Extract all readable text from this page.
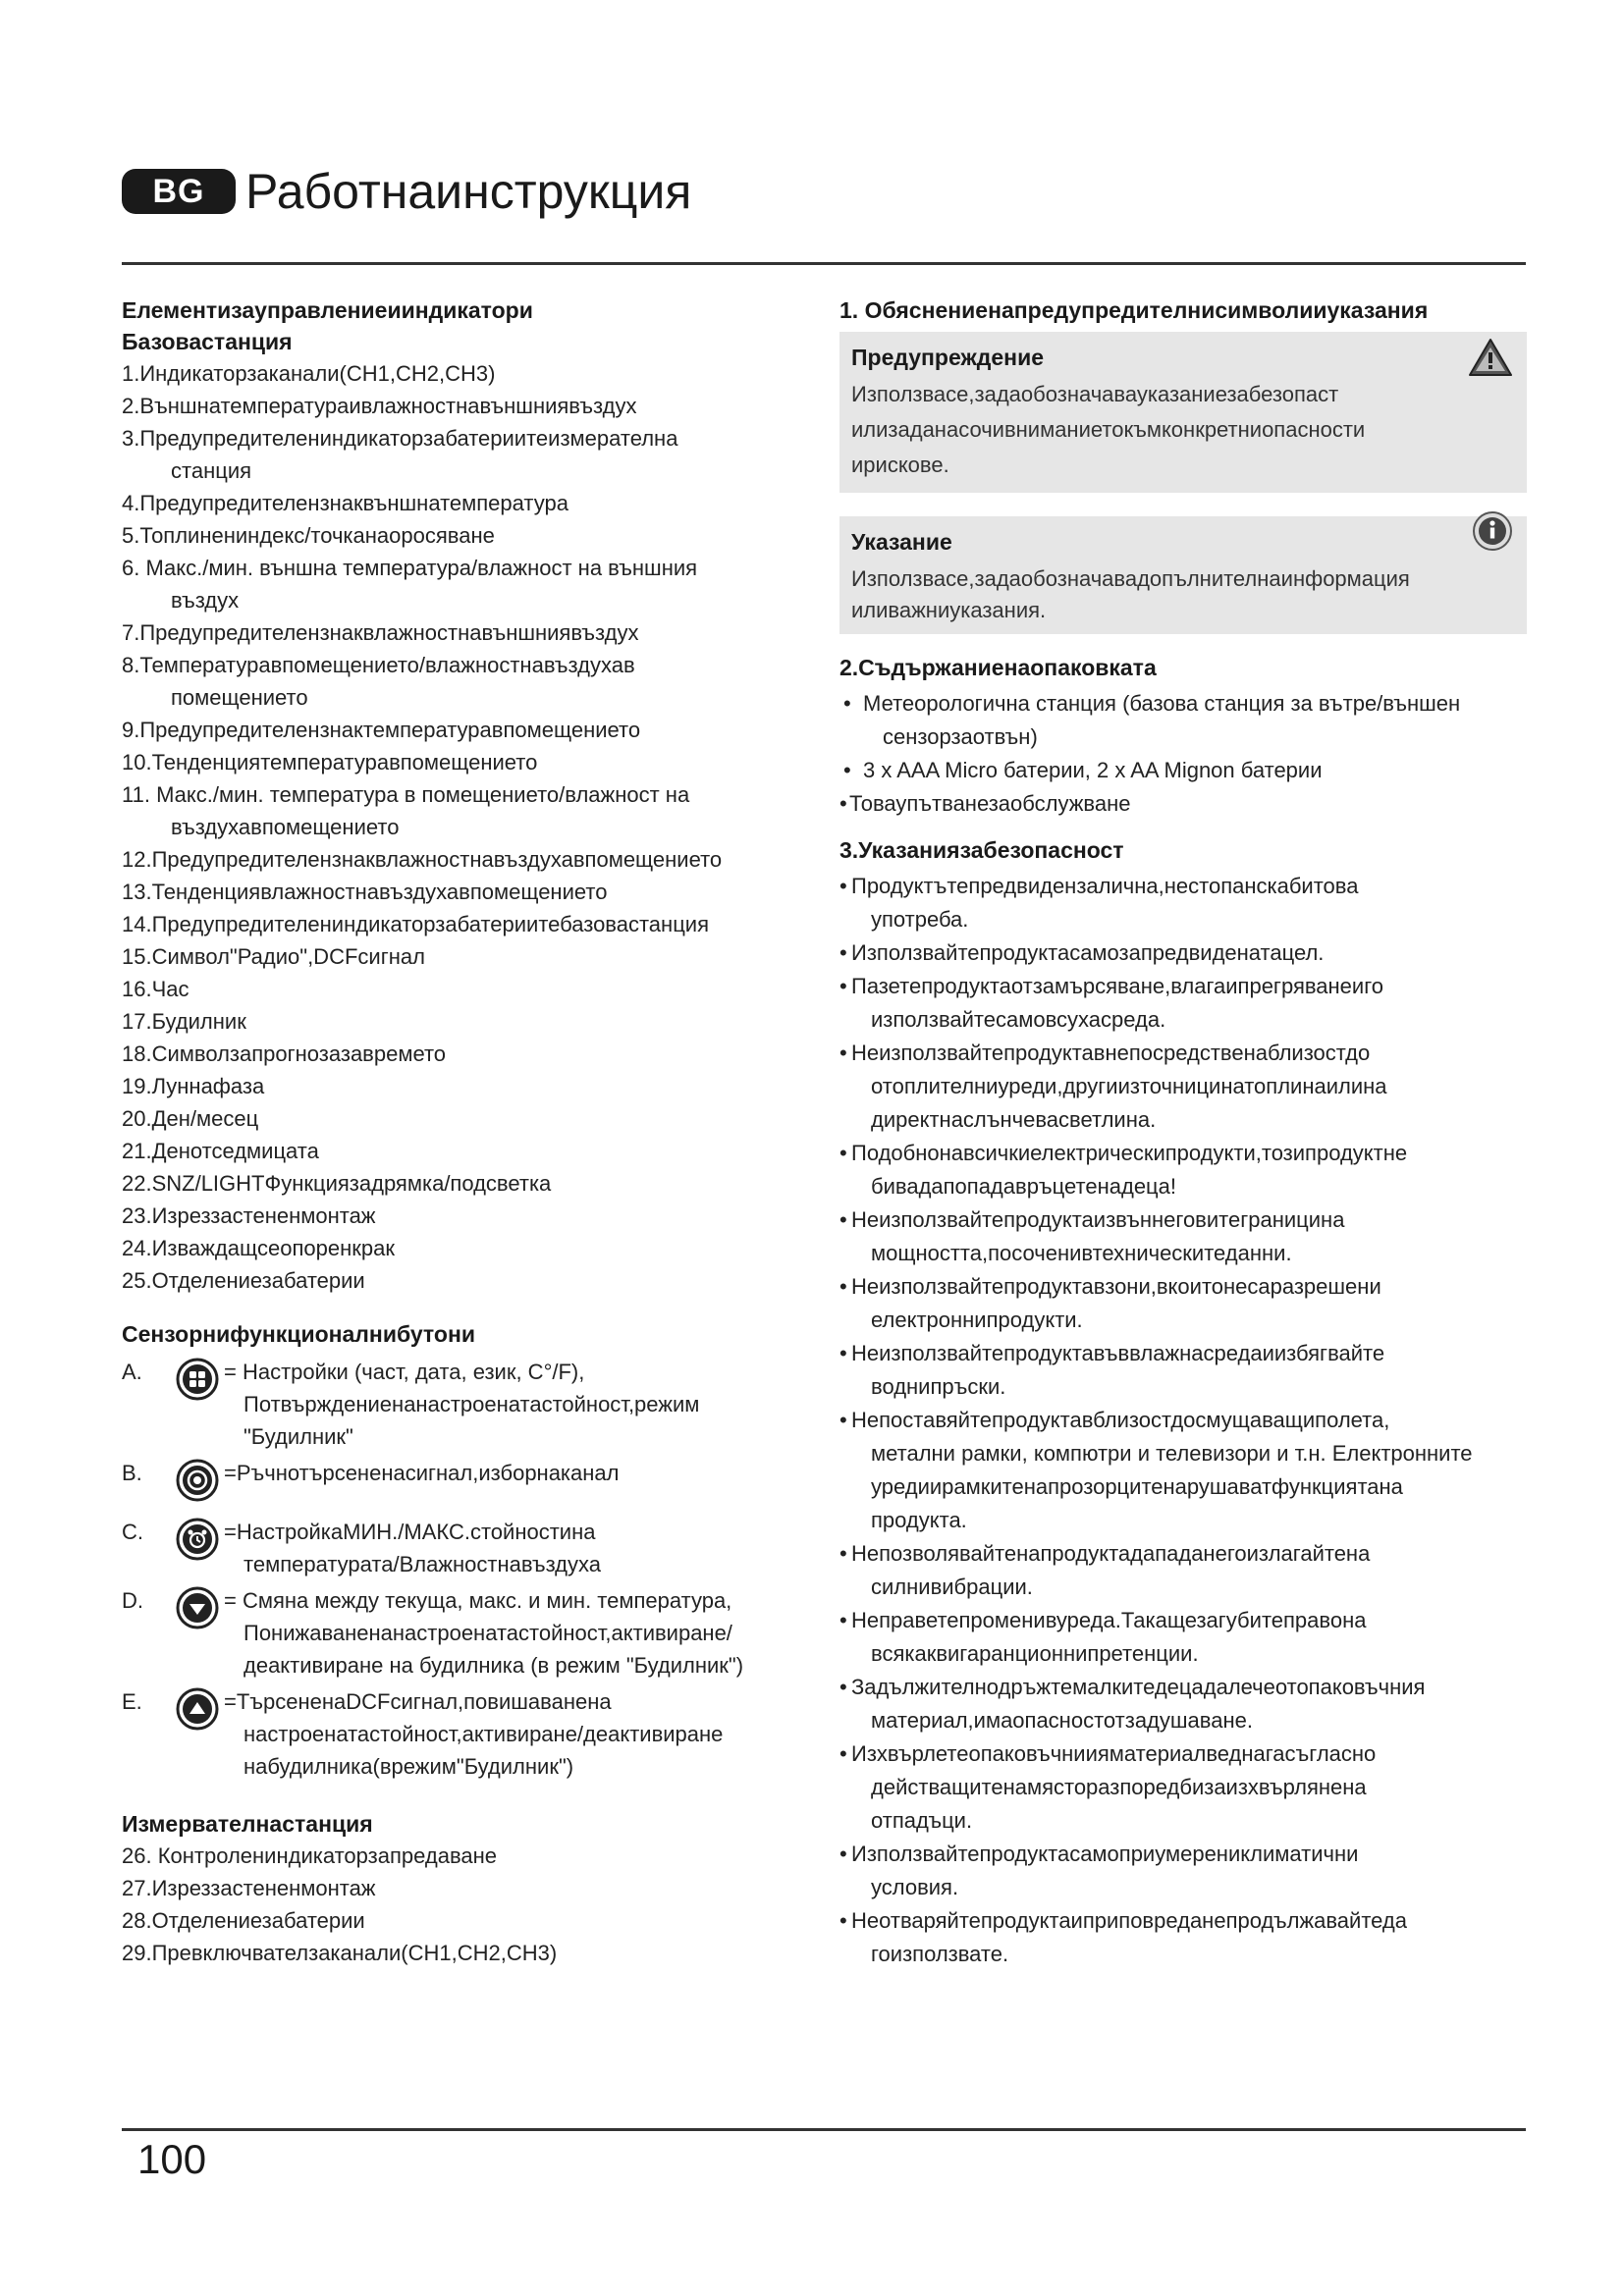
BG Работнаинструкция
Елементизауправлениеииндикатори
Базовастанция
1.Индикаторзаканали(CH1,CH2,CH3)
2.Външнатемпературaивлажностнавъншниявъздух
3.Предупредителениндикаторзабатериитеизмерателна
станция
4.Предупредителензнаквъншнатемпература
5.Топлинениндекс/точканаоросяване
6. Макс./мин. външна температура/влажност на външния
въздух
7.Предупредителензнаквлажностнавъншниявъздух
8.Температуравпомещението/влажностнавъздухав
помещението
9.Предупредителензнактемпературавпомещението
10.Тенденциятемпературавпомещението
11. Макс./мин. температура в помещението/влажност на
въздухавпомещението
12.Предупредителензнаквлажностнавъздухавпомещението
13.Тенденциявлажностнавъздухавпомещението
14.Предупредителениндикаторзабатериитебазовастанция
15.Символ"Радио",DCFсигнал
16.Час
17.Будилник
18.Символзапрогнозазавремето
19.Луннафаза
20.Ден/месец
21.Денотседмицата
22.SNZ/LIGHTФункциязадрямка/подсветка
23.Изреззастененмонтаж
24.Изваждащсеопоренкрак
25.Отделениезабатерии
Сензорнифункционалнибутони
A.	= Настройки (част, дата, език, С°/F),
Потвърждениенанастроенатастойност,режим
"Будилник"
B.	=Ръчнотърсененасигнал,изборнаканал
C.	=НастройкаМИН./МАКС.стойностина
температурата/Влажностнавъздуха
D.	= Смяна между текуща, макс. и мин. температура,
Понижаваненанастроенатастойност,активиране/
деактивиране на будилника (в режим "Будилник")
E.	=ТърсененаDCFсигнал,повишаванена
настроенатастойност,активиране/деактивиране
набудилника(врежим"Будилник")
Измервателнастанция
26. Контролениндикаторзапредаване
27.Изреззастененмонтаж
28.Отделениезабатерии
29.Превключвателзаканали(CH1,CH2,CH3)
1. Обяснениенапредупредителнисимволииуказания
Предупреждение
Използвасе,задаобозначавауказаниезабезопаст
илизаданасочивниманиетокъмконкретниопасности
ирискове.
Указание
Използвасе,задаобозначавадопълнителнаинформация
иливажниуказания.
2.Съдържаниенаопаковката
• Метеорологична станция (базова станция за вътре/външен
сензорзаотвън)
• 3 x AAA Micro батерии, 2 x AA Mignon батерии
• Товаупътванезаобслужване
3.Указаниязабезопасност
• Продуктътепредвидензалична,нестопанскабитова
употреба.
• Използвайтепродуктасамозапредвиденатацел.
• Пазетепродуктаотзамърсяване,влагаипрегряванеиго
използвайтесамовсухасреда.
• Неизползвайтепродуктавнепосредственаблизостдо
отоплителниуреди,другиизточницинатоплинаилина
директнаслънчевасветлина.
• Подобнонавсичкиелектрическипродукти,тозипродуктне
бивадапопадавръцетенадеца!
• Неизползвайтепродуктаизвъннеговитеграницина
мощността,посоченивтехническитеданни.
• Неизползвайтепродуктавзони,вкоитонесаразрешени
електроннипродукти.
• Неизползвайтепродуктавъввлажнасредаиизбягвайте
воднипръски.
• Непоставяйтепродуктавблизостдосмущаващиполета,
метални рамки, компютри и телевизори и т.н. Електронните
уредиирамкитенапрозорцитенарушаватфункциятана
продукта.
• Непозволявайтенапродуктадападанегоизлагайтена
силнивибрации.
• Неправетепроменивуреда.Такащезагубитеправона
всякаквигаранционнипретенции.
• Задължителнодръжтемалкитедецадалечеотопаковъчния
материал,имаопасностотзадушаване.
• Изхвърлетеопаковъчниияматериалведнагасъгласно
действащитенамясторазпоредбизаизхвърлянена
отпадъци.
• Използвайтепродуктасамоприумерениклиматични
условия.
• Неотваряйтепродуктаиприповреданепродължавайтеда
гоизползвате.
100
